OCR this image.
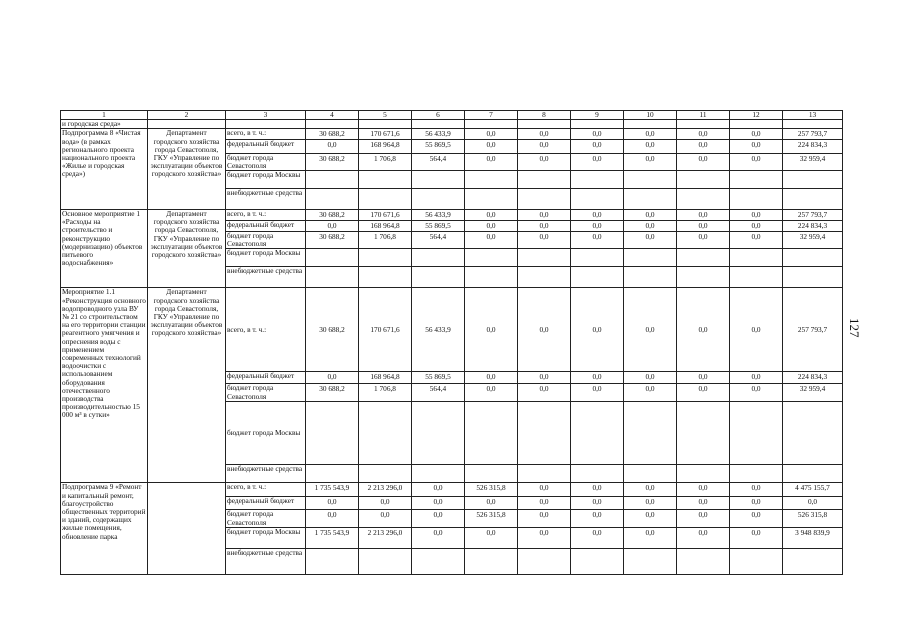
1	2	3	4	5	6	7	8	9	10	11	12	13
и городская среда»												
Подпрограмма 8 «Чистая вода» (в рамках регионального проекта национального проекта «Жилье и городская среда»)	Департамент городского хозяйства города Севастополя, ГКУ «Управление по эксплуатации объектов городского хозяйства»	всего, в т. ч.:	30 688,2	170 671,6	56 433,9	0,0	0,0	0,0	0,0	0,0	0,0	257 793,7
		федеральный бюджет	0,0	168 964,8	55 869,5	0,0	0,0	0,0	0,0	0,0	0,0	224 834,3
		бюджет города Севастополя	30 688,2	1 706,8	564,4	0,0	0,0	0,0	0,0	0,0	0,0	32 959,4
		бюджет города Москвы										
		внебюджетные средства										
Основное мероприятие 1 «Расходы на строительство и реконструкцию (модернизацию) объектов питьевого водоснабжения»	Департамент городского хозяйства города Севастополя, ГКУ «Управление по эксплуатации объектов городского хозяйства»	всего, в т. ч.:	30 688,2	170 671,6	56 433,9	0,0	0,0	0,0	0,0	0,0	0,0	257 793,7
		федеральный бюджет	0,0	168 964,8	55 869,5	0,0	0,0	0,0	0,0	0,0	0,0	224 834,3
		бюджет города Севастополя	30 688,2	1 706,8	564,4	0,0	0,0	0,0	0,0	0,0	0,0	32 959,4
		бюджет города Москвы										
		внебюджетные средства										
Мероприятие 1.1 «Реконструкция основного водопроводного узла ВУ № 21 со строительством на его территории станции реагентного умягчения и опреснения воды с применением современных технологий водоочистки с использованием оборудования отечественного производства производительностью 15 000 м³ в сутки»	Департамент городского хозяйства города Севастополя, ГКУ «Управление по эксплуатации объектов городского хозяйства»	всего, в т. ч.:	30 688,2	170 671,6	56 433,9	0,0	0,0	0,0	0,0	0,0	0,0	257 793,7
		федеральный бюджет	0,0	168 964,8	55 869,5	0,0	0,0	0,0	0,0	0,0	0,0	224 834,3
		бюджет города Севастополя	30 688,2	1 706,8	564,4	0,0	0,0	0,0	0,0	0,0	0,0	32 959,4
		бюджет города Москвы										
		внебюджетные средства										
Подпрограмма 9 «Ремонт и капитальный ремонт, благоустройство общественных территорий и зданий, содержащих жилые помещения, обновление парка		всего, в т. ч.:	1 735 543,9	2 213 296,0	0,0	526 315,8	0,0	0,0	0,0	0,0	0,0	4 475 155,7
		федеральный бюджет	0,0	0,0	0,0	0,0	0,0	0,0	0,0	0,0	0,0	0,0
		бюджет города Севастополя	0,0	0,0	0,0	526 315,8	0,0	0,0	0,0	0,0	0,0	526 315,8
		бюджет города Москвы	1 735 543,9	2 213 296,0	0,0	0,0	0,0	0,0	0,0	0,0	0,0	3 948 839,9
		внебюджетные средства										
127
